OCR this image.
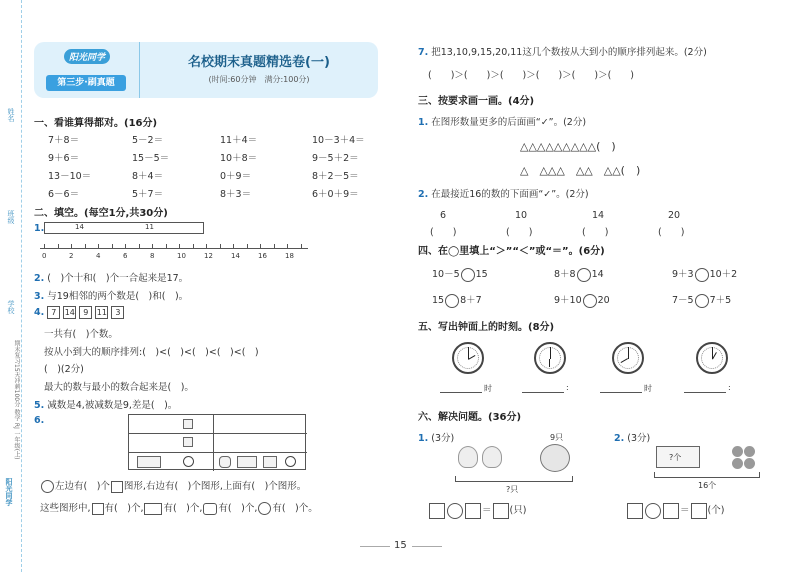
姓名
班级
学校
阳光同学
期末复习15天冲刺100分 数学 RJ 一年级(上)
阳光同学
第三步·刷真题
名校期末真题精选卷(一)
(时间:60分钟　满分:100分)
一、看谁算得都对。(16分)
7＋8＝	5－2＝	11＋4＝	10－3＋4＝
9＋6＝	15－5＝	10＋8＝	9－5＋2＝
13－10＝	8＋4＝	0＋9＝	8＋2－5＝
6－6＝	5＋7＝	8＋3＝	6＋0＋9＝
二、填空。(每空1分,共30分)
1.	14	11
0	2	4	6	8	10	12	14	16	18
2. (　)个十和(　)个一合起来是17。
3. 与19相邻的两个数是(　)和(　)。
4. 7 14 9 11 3
一共有(　)个数。
按从小到大的顺序排列:(　)<(　)<(　)<(　)<(　)
(　)(2分)
最大的数与最小的数合起来是(　)。
5. 减数是4,被减数是9,差是(　)。
6.
左边有(　)个 图形,右边有(　)个图形,上面有(　)个图形。
这些图形中, 有(　)个, 有(　)个, 有(　)个, 有(　)个。
7. 把13,10,9,15,20,11这几个数按从大到小的顺序排列起来。(2分)
(　　)＞(　　)＞(　　)＞(　　)＞(　　)＞(　　)
三、按要求画一画。(4分)
1. 在图形数量更多的后面画“✓”。(2分)
△△△△△△△△△(　)
△　△△△　△△　△△(　)
2. 在最接近16的数的下面画“✓”。(2分)
6	10	14	20
(　　)	(　　)	(　　)	(　　)
四、在◯里填上“＞”“＜”或“＝”。(6分)
10－5 15	8＋8 14	9＋3 10＋2
15 8＋7	9＋10 20	7－5 7＋5
五、写出钟面上的时刻。(8分)
时	:	时	:
六、解决问题。(36分)
1. (3分)	9只
?只
＝ (只)
2. (3分)
?个
16个
＝ (个)
15
